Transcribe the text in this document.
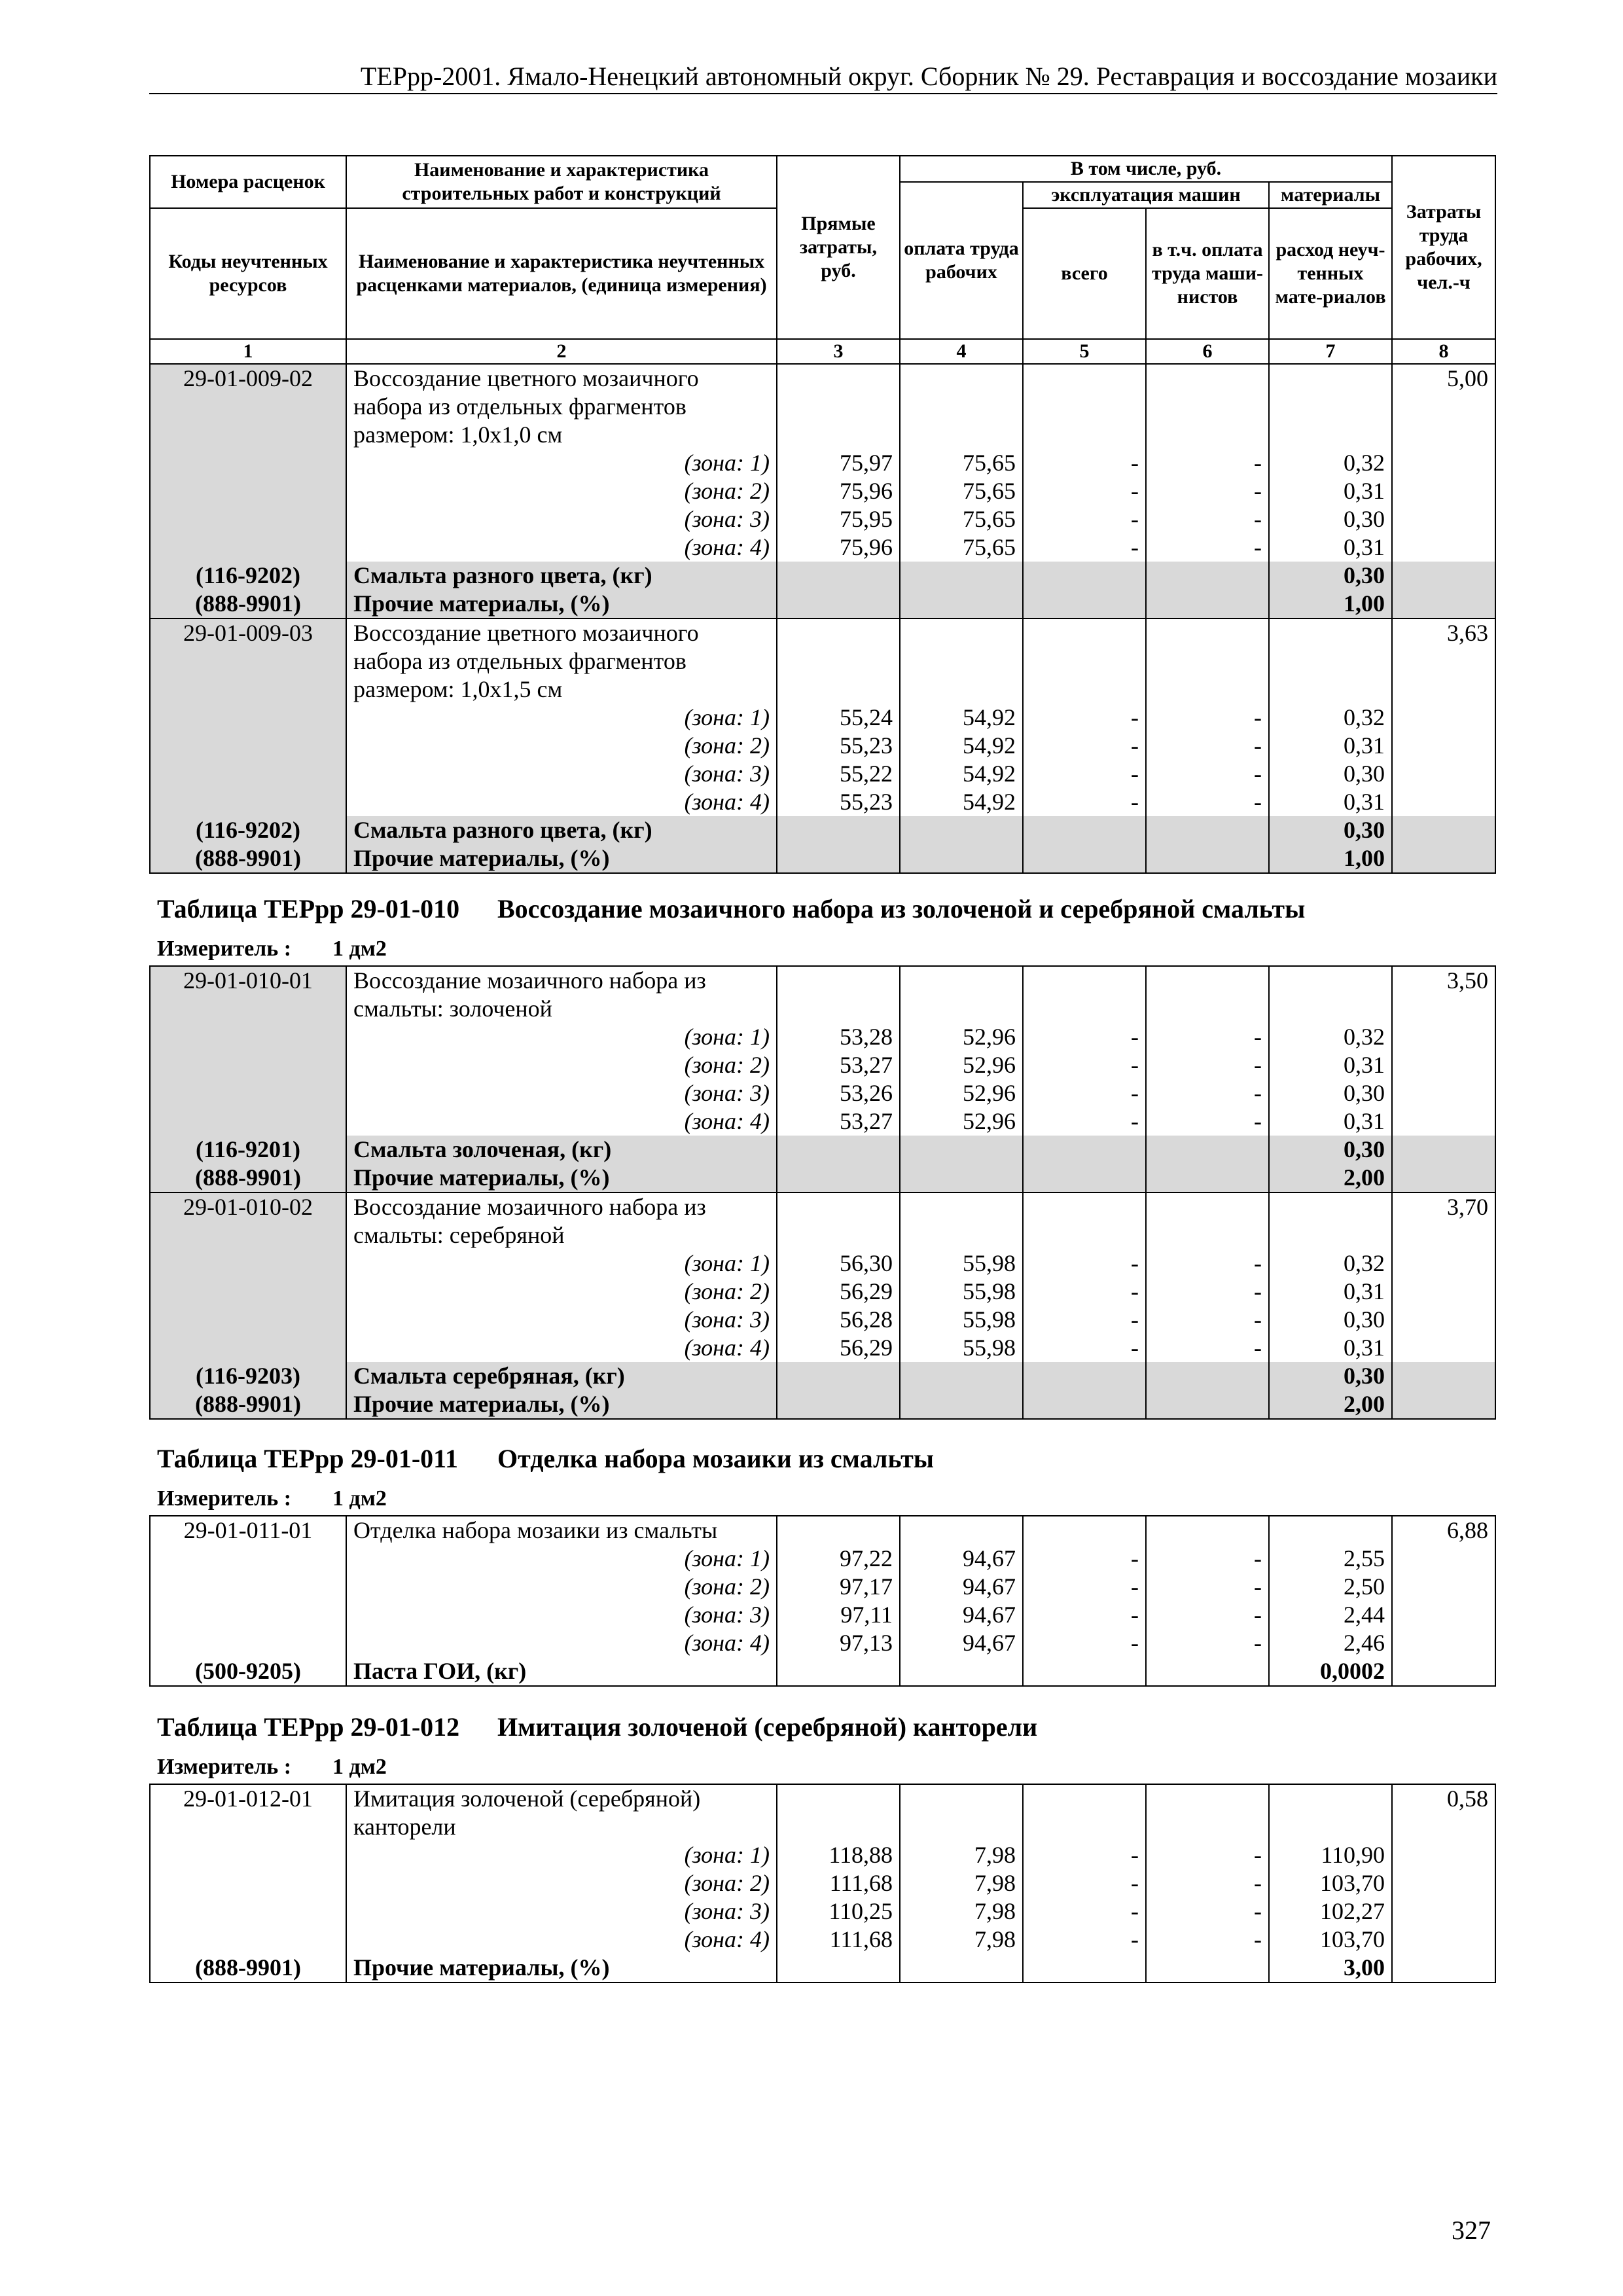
ТЕРрр-2001. Ямало-Ненецкий автономный округ. Сборник № 29. Реставрация и воссоздание мозаики
Номера расценок	Наименование и характеристика строительных работ и конструкций	Прямые затраты, руб.	В том числе, руб.				Затраты труда рабочих, чел.-ч
			оплата труда рабочих	эксплуатация машин		материалы	
Коды неучтенных ресурсов	Наименование и характеристика неучтенных расценками материалов, (единица измерения)			всего	в т.ч. оплата труда маши-нистов	расход неуч-тенных мате-риалов	

1	2	3	4	5	6	7	8
29-01-009-02	Воссоздание цветного мозаичного						5,00
	набора из отдельных фрагментов						
	размером: 1,0х1,0 см						
	(зона: 1)	75,97	75,65	-	-	0,32	
	(зона: 2)	75,96	75,65	-	-	0,31	
	(зона: 3)	75,95	75,65	-	-	0,30	
	(зона: 4)	75,96	75,65	-	-	0,31	
(116-9202)	Смальта разного цвета, (кг)					0,30	
(888-9901)	Прочие материалы, (%)					1,00	
29-01-009-03	Воссоздание цветного мозаичного						3,63
	набора из отдельных фрагментов						
	размером: 1,0х1,5 см						
	(зона: 1)	55,24	54,92	-	-	0,32	
	(зона: 2)	55,23	54,92	-	-	0,31	
	(зона: 3)	55,22	54,92	-	-	0,30	
	(зона: 4)	55,23	54,92	-	-	0,31	
(116-9202)	Смальта разного цвета, (кг)					0,30	
(888-9901)	Прочие материалы, (%)					1,00	
Таблица ТЕРрр 29-01-010 Воссоздание мозаичного набора из золоченой и серебряной смальты
Измеритель : 1 дм2
29-01-010-01	Воссоздание мозаичного набора из						3,50
	смальты: золоченой						
	(зона: 1)	53,28	52,96	-	-	0,32	
	(зона: 2)	53,27	52,96	-	-	0,31	
	(зона: 3)	53,26	52,96	-	-	0,30	
	(зона: 4)	53,27	52,96	-	-	0,31	
(116-9201)	Смальта золоченая, (кг)					0,30	
(888-9901)	Прочие материалы, (%)					2,00	
29-01-010-02	Воссоздание мозаичного набора из						3,70
	смальты: серебряной						
	(зона: 1)	56,30	55,98	-	-	0,32	
	(зона: 2)	56,29	55,98	-	-	0,31	
	(зона: 3)	56,28	55,98	-	-	0,30	
	(зона: 4)	56,29	55,98	-	-	0,31	
(116-9203)	Смальта серебряная, (кг)					0,30	
(888-9901)	Прочие материалы, (%)					2,00	
Таблица ТЕРрр 29-01-011 Отделка набора мозаики из смальты
Измеритель : 1 дм2
29-01-011-01	Отделка набора мозаики из смальты						6,88
	(зона: 1)	97,22	94,67	-	-	2,55	
	(зона: 2)	97,17	94,67	-	-	2,50	
	(зона: 3)	97,11	94,67	-	-	2,44	
	(зона: 4)	97,13	94,67	-	-	2,46	
(500-9205)	Паста ГОИ, (кг)					0,0002	
Таблица ТЕРрр 29-01-012 Имитация золоченой (серебряной) канторели
Измеритель : 1 дм2
29-01-012-01	Имитация золоченой (серебряной)						0,58
	канторели						
	(зона: 1)	118,88	7,98	-	-	110,90	
	(зона: 2)	111,68	7,98	-	-	103,70	
	(зона: 3)	110,25	7,98	-	-	102,27	
	(зона: 4)	111,68	7,98	-	-	103,70	
(888-9901)	Прочие материалы, (%)					3,00	
327
